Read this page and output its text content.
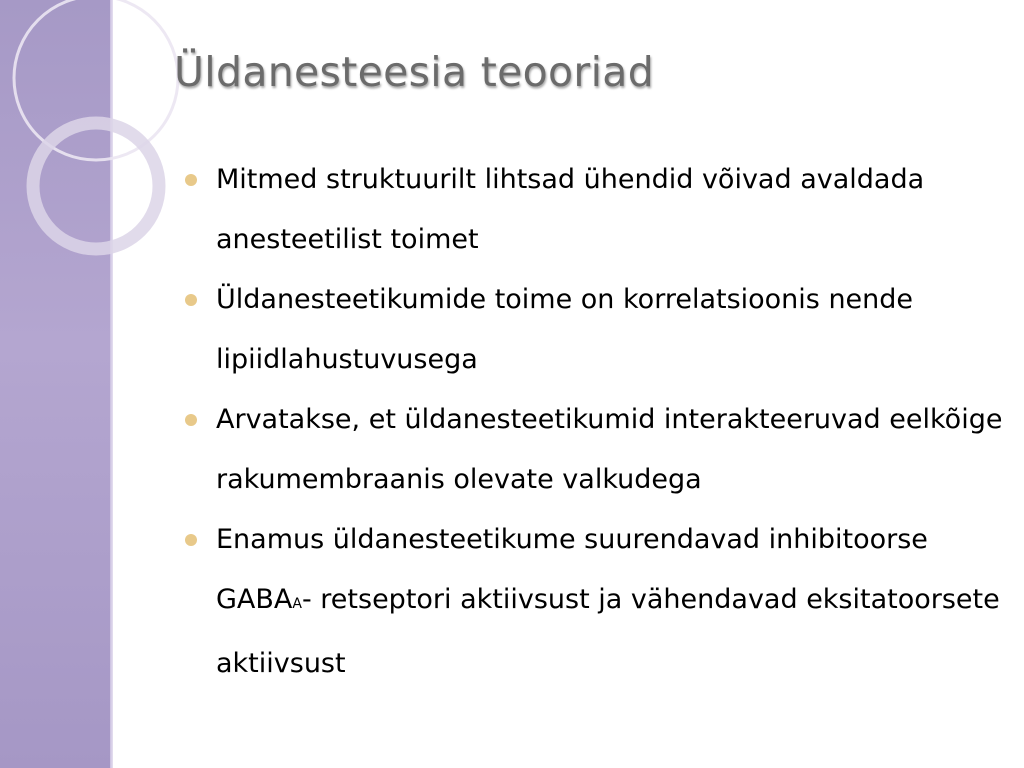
Üldanesteesia teooriad
Mitmed struktuurilt lihtsad ühendid võivad avaldada anesteetilist toimet
Üldanesteetikumide toime on korrelatsioonis nende lipiidlahustuvusega
Arvatakse, et üldanesteetikumid interakteeruvad eelkõige rakumembraanis olevate valkudega
Enamus üldanesteetikume suurendavad inhibitoorse GABAA- retseptori aktiivsust ja vähendavad eksitatoorsete aktiivsust
